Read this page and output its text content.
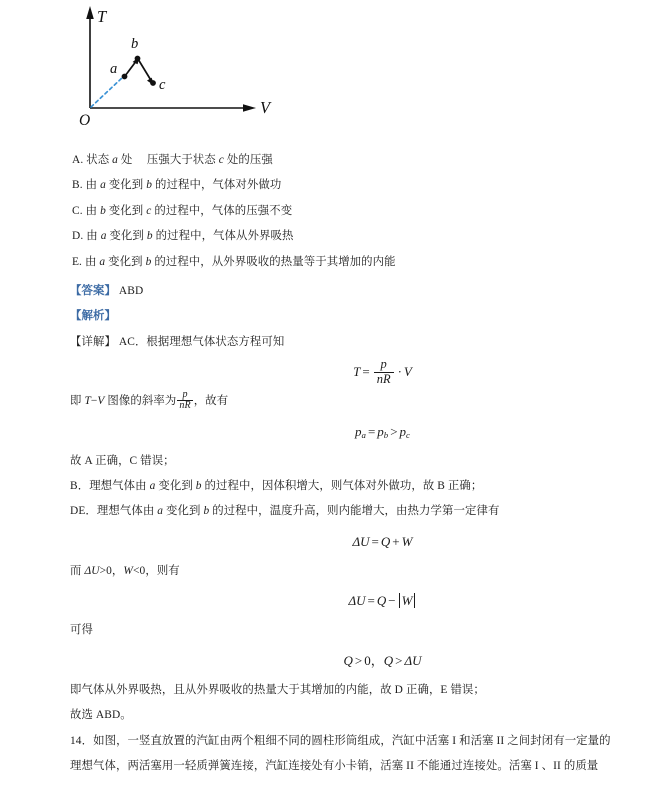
T
V
O
a
b
c
A. 状态 a 处　 压强大于状态 c 处的压强
B. 由 a 变化到 b 的过程中，气体对外做功
C. 由 b 变化到 c 的过程中，气体的压强不变
D. 由 a 变化到 b 的过程中，气体从外界吸热
E. 由 a 变化到 b 的过程中，从外界吸收的热量等于其增加的内能
【答案】 ABD
【解析】
【详解】 AC．根据理想气体状态方程可知
$T = \frac{p}{nR} \cdot V$
即 T−V 图像的斜率为 $\frac{p}{nR}$ ，故有
$p_a = p_b > p_c$
故 A 正确，C 错误；
B．理想气体由 a 变化到 b 的过程中，因体积增大，则气体对外做功，故 B 正确；
DE．理想气体由 a 变化到 b 的过程中，温度升高，则内能增大，由热力学第一定律有
ΔU = Q + W
而 ΔU>0，W<0，则有
ΔU = Q − W
可得
Q > 0，Q > ΔU
即气体从外界吸热，且从外界吸收的热量大于其增加的内能，故 D 正确，E 错误；
故选 ABD。
14．如图，一竖直放置的汽缸由两个粗细不同的圆柱形筒组成，汽缸中活塞 I 和活塞 II 之间封闭有一定量的
理想气体，两活塞用一轻质弹簧连接，汽缸连接处有小卡销，活塞 II 不能通过连接处。活塞 I 、II 的质量
